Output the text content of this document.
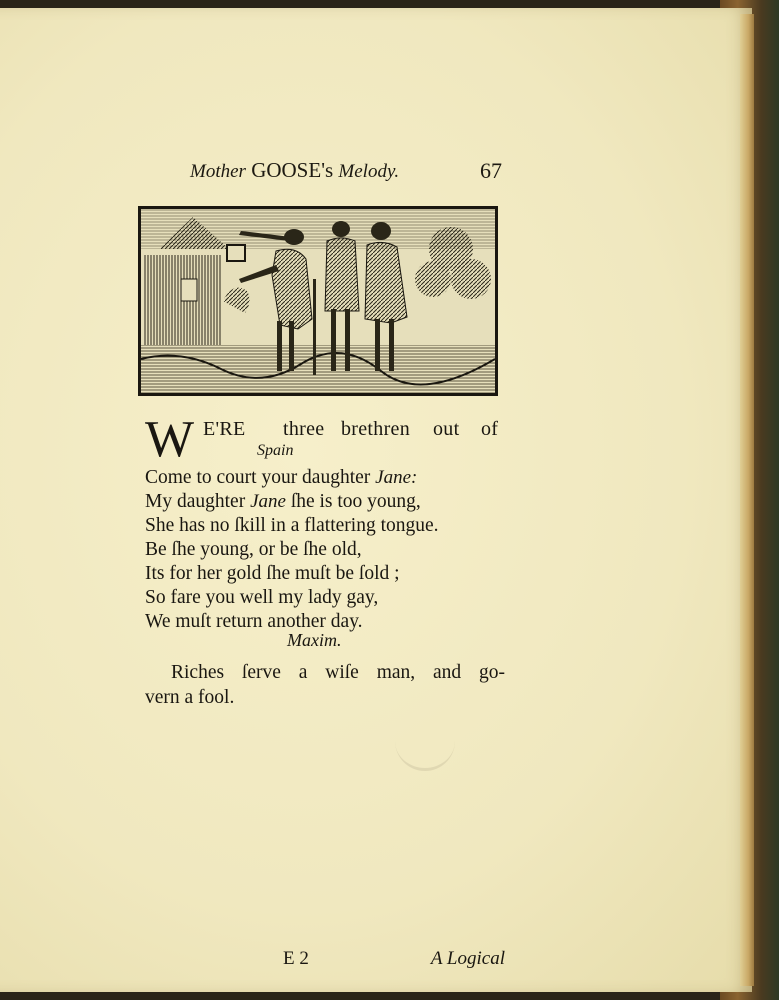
Mother GOOSE's Melody.	67
W E'RE three brethren out of
Spain
Come to court your daughter Jane:
My daughter Jane ſhe is too young,
She has no ſkill in a flattering tongue.
Be ſhe young, or be ſhe old,
Its for her gold ſhe muſt be ſold ;
So fare you well my lady gay,
We muſt return another day.
Maxim.
Riches ſerve a wiſe man, and go-
vern a fool.
E 2	A Logical
